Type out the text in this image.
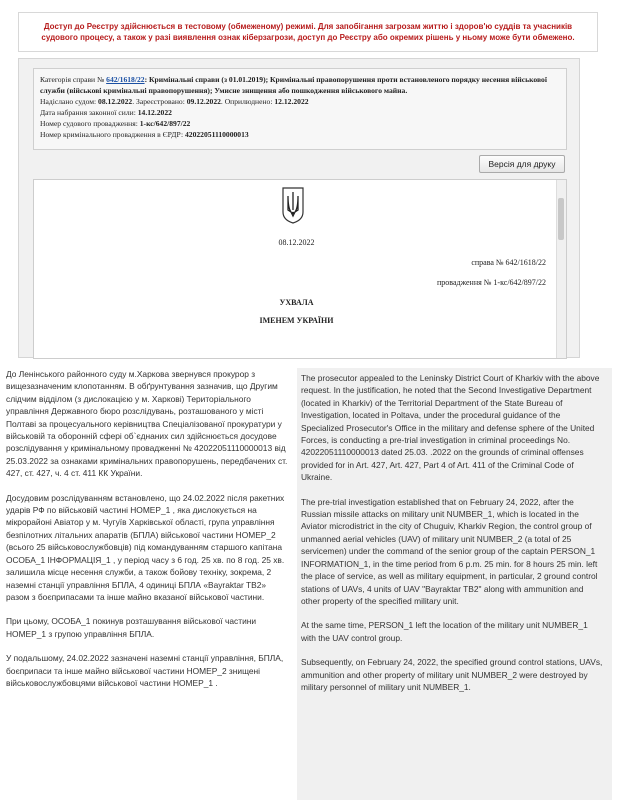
Доступ до Реєстру здійснюється в тестовому (обмеженому) режимі. Для запобігання загрозам життю і здоров'ю суддів та учасників судового процесу, а також у разі виявлення ознак кіберзагрози, доступ до Реєстру або окремих рішень у ньому може бути обмежено.
Категорія справи № 642/1618/22: Кримінальні справи (з 01.01.2019); Кримінальні правопорушення проти встановленого порядку несення військової служби (військові кримінальні правопорушення); Умисне знищення або пошкодження військового майна.
Надіслано судом: 08.12.2022. Зареєстровано: 09.12.2022. Оприлюднено: 12.12.2022
Дата набрання законної сили: 14.12.2022
Номер судового провадження: 1-кс/642/897/22
Номер кримінального провадження в ЄРДР: 42022051110000013
Версія для друку
08.12.2022
справа № 642/1618/22
провадження № 1-кс/642/897/22
УХВАЛА
ІМЕНЕМ УКРАЇНИ

До Ленінського районного суду м.Харкова звернувся прокурор з вищезазначеним клопотанням. В обґрунтування зазначив, що Другим слідчим відділом (з дислокацією у м. Харкові) Територіального управління Державного бюро розслідувань, розташованого у місті Полтаві за процесуального керівництва Спеціалізованої прокуратури у військовій та оборонній сфері об`єднаних сил здійснюється досудове розслідування у кримінальному провадженні № 42022051110000013 від 25.03.2022 за ознаками кримінальних правопорушень, передбачених ст. 427, ст. 427, ч. 4 ст. 411 КК України.

Досудовим розслідуванням встановлено, що 24.02.2022 після ракетних ударів РФ по військовій частині НОМЕР_1 , яка дислокується на мікрорайоні Авіатор у м. Чугуїв Харківської області, група управління безпілотних літальних апаратів (БПЛА) військової частини НОМЕР_2 (всього 25 військовослужбовців) під командуванням старшого капітана ОСОБА_1 ІНФОРМАЦІЯ_1 , у період часу з 6 год. 25 хв. по 8 год. 25 хв. залишила місце несення служби, а також бойову техніку, зокрема, 2 наземні станції управління БПЛА, 4 одиниці БПЛА «Bayraktar TB2» разом з боєприпасами та інше майно вказаної військової частини.

При цьому, ОСОБА_1 покинув розташування військової частини НОМЕР_1 з групою управління БПЛА.

У подальшому, 24.02.2022 зазначені наземні станції управління, БПЛА, боєприпаси та інше майно військової частини НОМЕР_2 знищені військовослужбовцями військової частини НОМЕР_1 .

The prosecutor appealed to the Leninsky District Court of Kharkiv with the above request. In the justification, he noted that the Second Investigative Department (located in Kharkiv) of the Territorial Department of the State Bureau of Investigation, located in Poltava, under the procedural guidance of the Specialized Prosecutor's Office in the military and defense sphere of the United Forces, is conducting a pre-trial investigation in criminal proceedings No. 42022051110000013 dated 25.03. .2022 on the grounds of criminal offenses provided for in Art. 427, Art. 427, Part 4 of Art. 411 of the Criminal Code of Ukraine.

The pre-trial investigation established that on February 24, 2022, after the Russian missile attacks on military unit NUMBER_1, which is located in the Aviator microdistrict in the city of Chuguiv, Kharkiv Region, the control group of unmanned aerial vehicles (UAV) of military unit NUMBER_2 (a total of 25 servicemen) under the command of the senior group of the captain PERSON_1 INFORMATION_1, in the time period from 6 p.m. 25 min. for 8 hours 25 min. left the place of service, as well as military equipment, in particular, 2 ground control stations of UAVs, 4 units of UAV "Bayraktar TB2" along with ammunition and other property of the specified military unit.

At the same time, PERSON_1 left the location of the military unit NUMBER_1 with the UAV control group.

Subsequently, on February 24, 2022, the specified ground control stations, UAVs, ammunition and other property of military unit NUMBER_2 were destroyed by military personnel of military unit NUMBER_1.
